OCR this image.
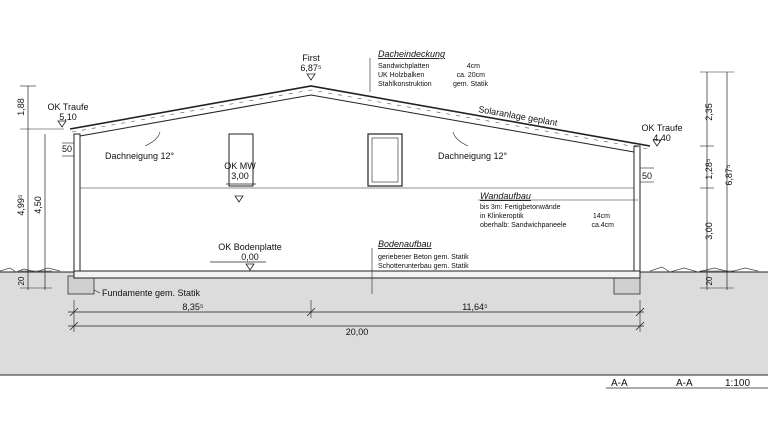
First
6,87⁵
OK Traufe
5,10
OK Traufe
4,40
OK MW
3,00
OK Bodenplatte
0,00
Dachneigung 12°	Dachneigung 12°
Solaranlage geplant
Dacheindeckung
Sandwichplatten	4cm
UK Holzbalken	ca. 20cm
Stahlkonstruktion	gem. Statik
Wandaufbau
bis 3m: Fertigbetonwände
in Klinkeroptik	14cm
oberhalb: Sandwichpaneele	ca.4cm
Bodenaufbau
geriebener Beton gem. Statik
Schotterunterbau gem. Statik
Fundamente gem. Statik
1,88
4,99⁵ 4,50
50
20
2,35
1,28⁵ 6,87⁵
3,00
50
20
8,35⁵	11,64⁵
20,00
A-A	A-A	1:100
